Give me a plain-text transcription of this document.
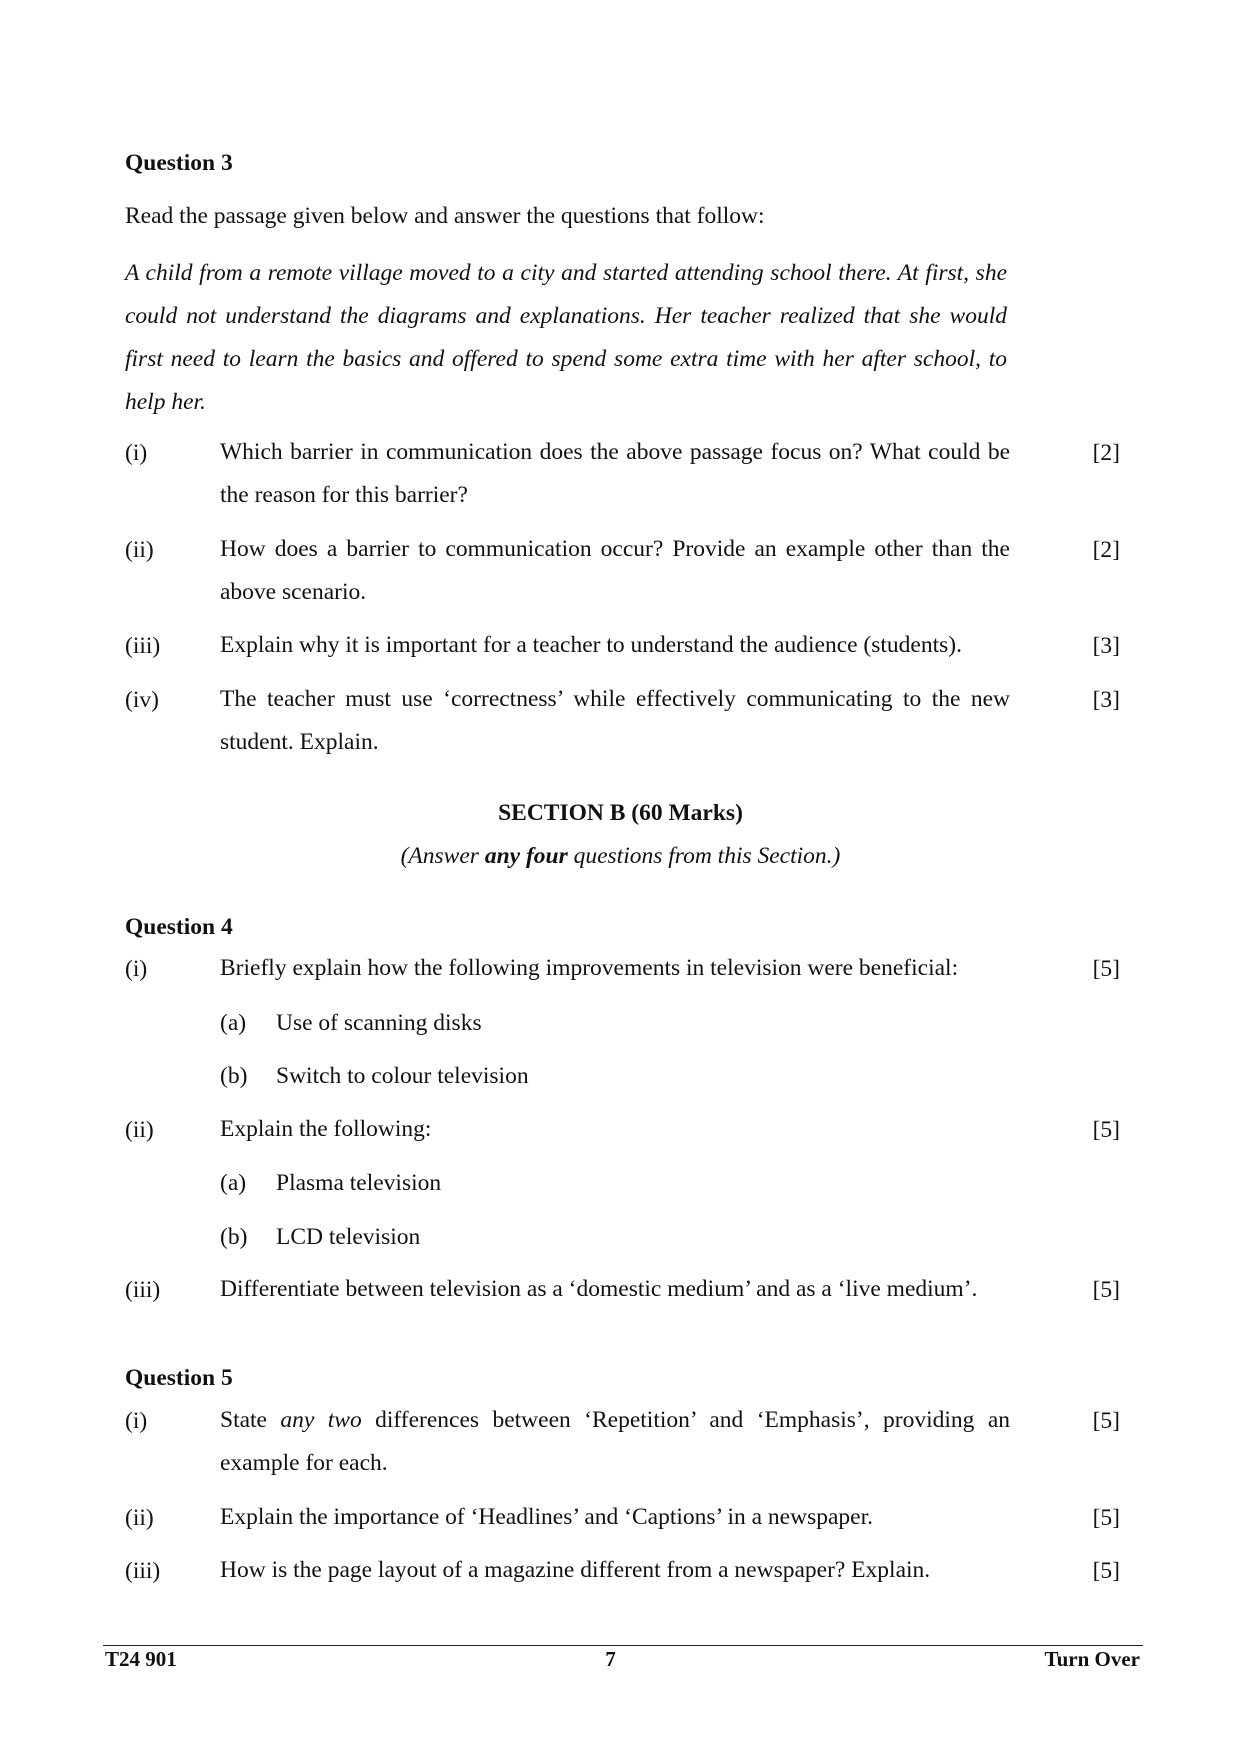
Question 3
Read the passage given below and answer the questions that follow:
A child from a remote village moved to a city and started attending school there. At first, she could not understand the diagrams and explanations. Her teacher realized that she would first need to learn the basics and offered to spend some extra time with her after school, to help her.
(i)	Which barrier in communication does the above passage focus on? What could be the reason for this barrier?
[2]
(ii)	How does a barrier to communication occur? Provide an example other than the above scenario.
[2]
(iii)	Explain why it is important for a teacher to understand the audience (students).	[3]
(iv)	The teacher must use ‘correctness’ while effectively communicating to the new student. Explain.
[3]
SECTION B (60 Marks)
(Answer any four questions from this Section.)
Question 4
(i)	Briefly explain how the following improvements in television were beneficial:	[5]
(a) Use of scanning disks
(b) Switch to colour television
(ii)	Explain the following:	[5]
(a) Plasma television
(b) LCD television
(iii)	Differentiate between television as a ‘domestic medium’ and as a ‘live medium’.	[5]
Question 5
(i)	State any two differences between ‘Repetition’ and ‘Emphasis’, providing an example for each.
[5]
(ii)	Explain the importance of ‘Headlines’ and ‘Captions’ in a newspaper.	[5]
(iii)	How is the page layout of a magazine different from a newspaper? Explain.	[5]
T24 901	7	Turn Over
